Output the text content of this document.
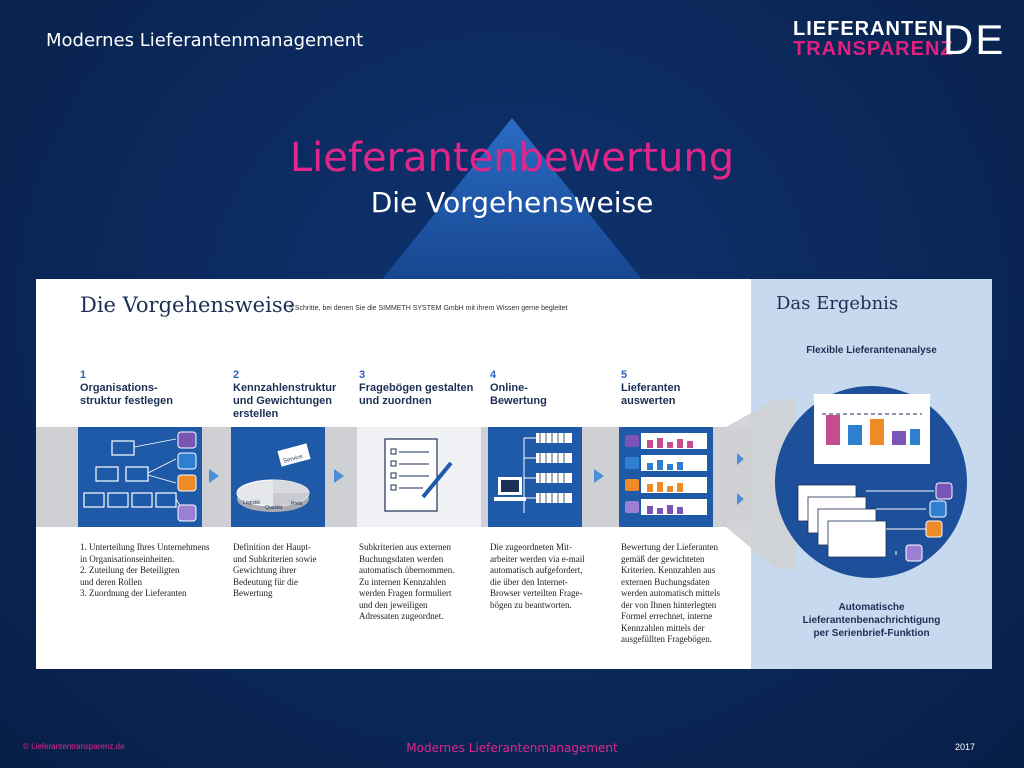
Modernes Lieferantenmanagement
LIEFERANTEN
TRANSPARENZ
DE
Lieferantenbewertung
Die Vorgehensweise
Die Vorgehensweise
5 Schritte, bei denen Sie die SIMMETH SYSTEM GmbH mit ihrem Wissen gerne begleitet
1
Organisations-
struktur festlegen
1. Unterteilung Ihres Unternehmens
in Organisationseinheiten.
2. Zuteilung der Beteiligten
und deren Rollen
3. Zuordnung der Lieferanten
2
Kennzahlenstruktur
und Gewichtungen
erstellen
Service
Logistik
Qualität
Preis
Definition der Haupt-
und Subkriterien sowie
Gewichtung ihrer
Bedeutung für die
Bewertung
3
Fragebögen gestalten
und zuordnen
Subkriterien aus externen
Buchungsdaten werden
automatisch übernommen.
Zu internen Kennzahlen
werden Fragen formuliert
und den jeweiligen
Adressaten zugeordnet.
4
Online-
Bewertung
Die zugeordneten Mit-
arbeiter werden via e-mail
automatisch aufgefordert,
die über den Internet-
Browser verteilten Frage-
bögen zu beantworten.
5
Lieferanten
auswerten
Bewertung der Lieferanten
gemäß der gewichteten
Kriterien. Kennzahlen aus
externen Buchungsdaten
werden automatisch mittels
der von Ihnen hinterlegten
Formel errechnet, interne
Kennzahlen mittels der
ausgefüllten Fragebögen.
Das Ergebnis
Flexible Lieferantenanalyse
Automatische
Lieferantenbenachrichtigung
per Serienbrief-Funktion
© Lieferantentransparenz.de	Modernes Lieferantenmanagement	2017
